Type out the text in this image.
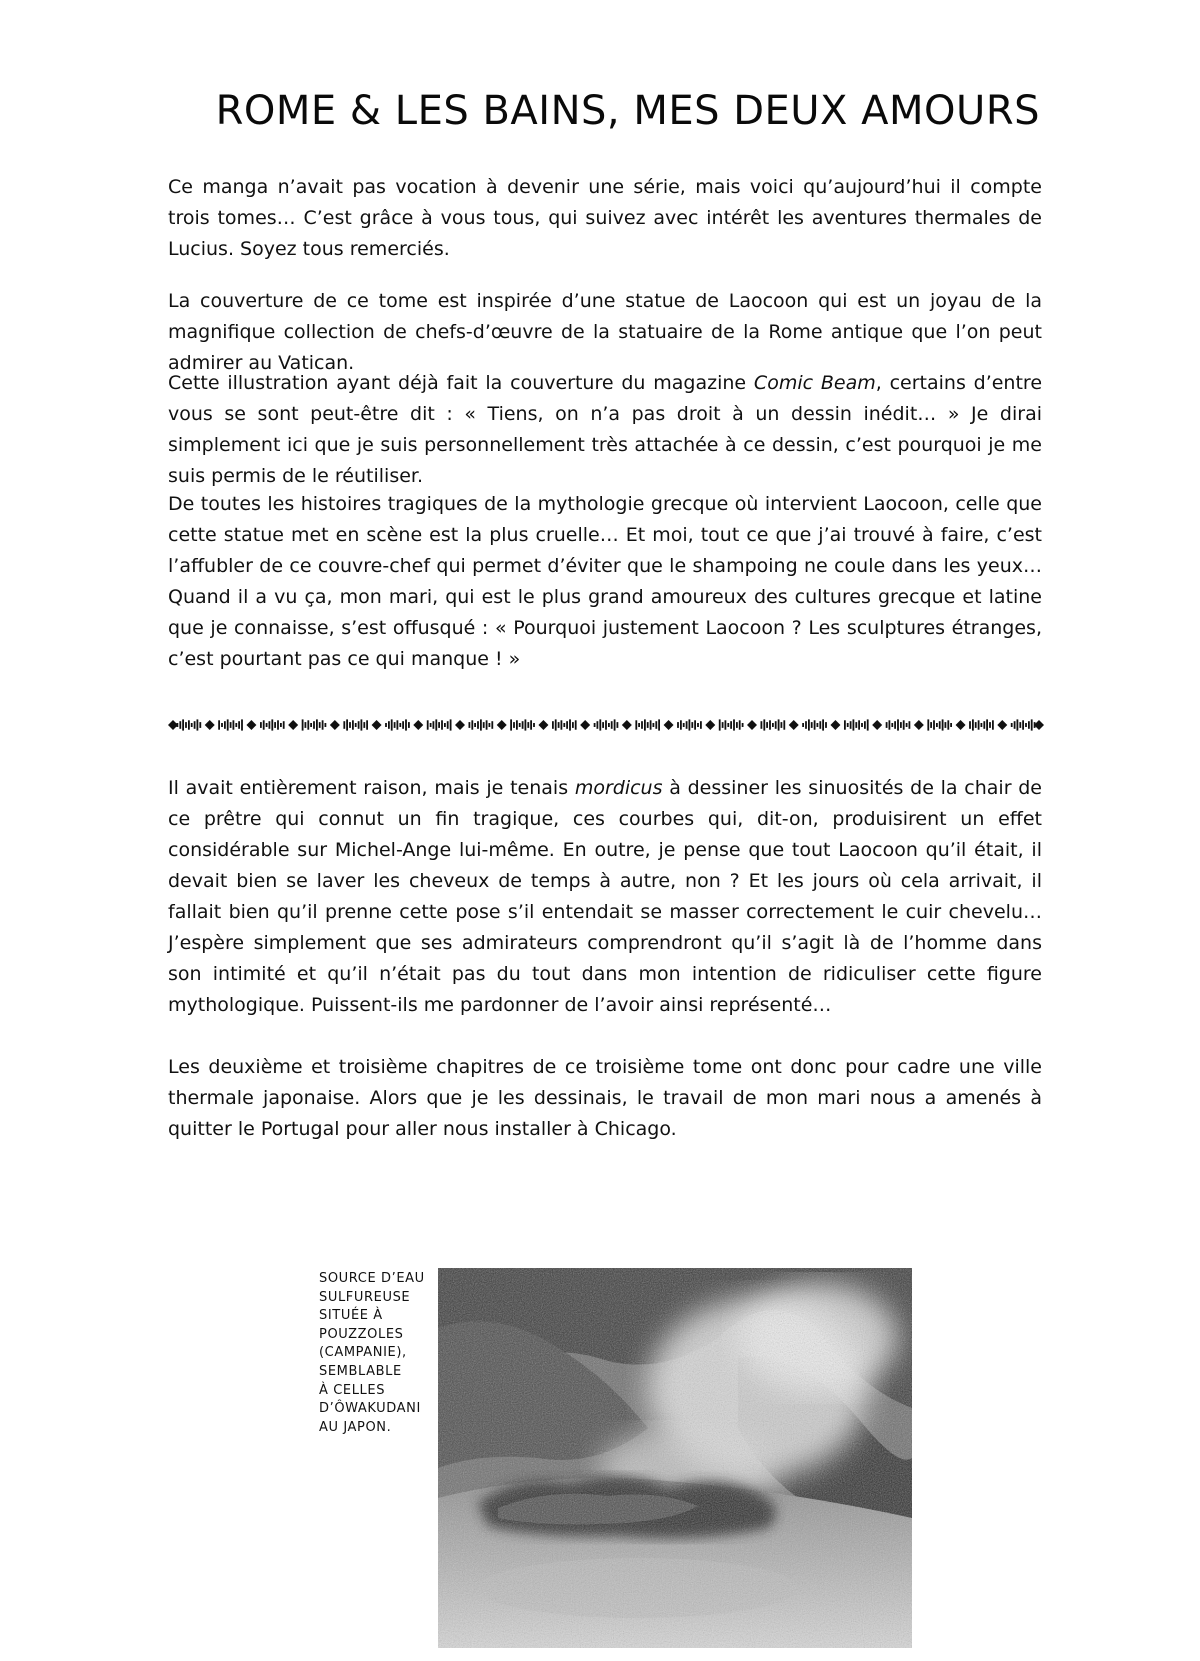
ROME & LES BAINS, MES DEUX AMOURS

Ce manga n’avait pas vocation à devenir une série, mais voici qu’aujourd’hui il compte trois tomes… C’est grâce à vous tous, qui suivez avec intérêt les aventures thermales de Lucius. Soyez tous remerciés.

La couverture de ce tome est inspirée d’une statue de Laocoon qui est un joyau de la magnifique collection de chefs-d’œuvre de la statuaire de la Rome antique que l’on peut admirer au Vatican.

Cette illustration ayant déjà fait la couverture du magazine Comic Beam, certains d’entre vous se sont peut-être dit : « Tiens, on n’a pas droit à un dessin inédit… » Je dirai simplement ici que je suis personnellement très attachée à ce dessin, c’est pourquoi je me suis permis de le réutiliser.

De toutes les histoires tragiques de la mythologie grecque où intervient Laocoon, celle que cette statue met en scène est la plus cruelle… Et moi, tout ce que j’ai trouvé à faire, c’est l’affubler de ce couvre-chef qui permet d’éviter que le shampoing ne coule dans les yeux… Quand il a vu ça, mon mari, qui est le plus grand amoureux des cultures grecque et latine que je connaisse, s’est offusqué : « Pourquoi justement Laocoon ? Les sculptures étranges, c’est pourtant pas ce qui manque ! »

Il avait entièrement raison, mais je tenais mordicus à dessiner les sinuosités de la chair de ce prêtre qui connut un fin tragique, ces courbes qui, dit-on, produisirent un effet considérable sur Michel-Ange lui-même. En outre, je pense que tout Laocoon qu’il était, il devait bien se laver les cheveux de temps à autre, non ? Et les jours où cela arrivait, il fallait bien qu’il prenne cette pose s’il entendait se masser correctement le cuir chevelu… J’espère simplement que ses admirateurs comprendront qu’il s’agit là de l’homme dans son intimité et qu’il n’était pas du tout dans mon intention de ridiculiser cette figure mythologique. Puissent-ils me pardonner de l’avoir ainsi représenté…

Les deuxième et troisième chapitres de ce troisième tome ont donc pour cadre une ville thermale japonaise. Alors que je les dessinais, le travail de mon mari nous a amenés à quitter le Portugal pour aller nous installer à Chicago.

SOURCE D’EAU
SULFUREUSE
SITUÉE À
POUZZOLES
(CAMPANIE),
SEMBLABLE
À CELLES
D’ÔWAKUDANI
AU JAPON.
